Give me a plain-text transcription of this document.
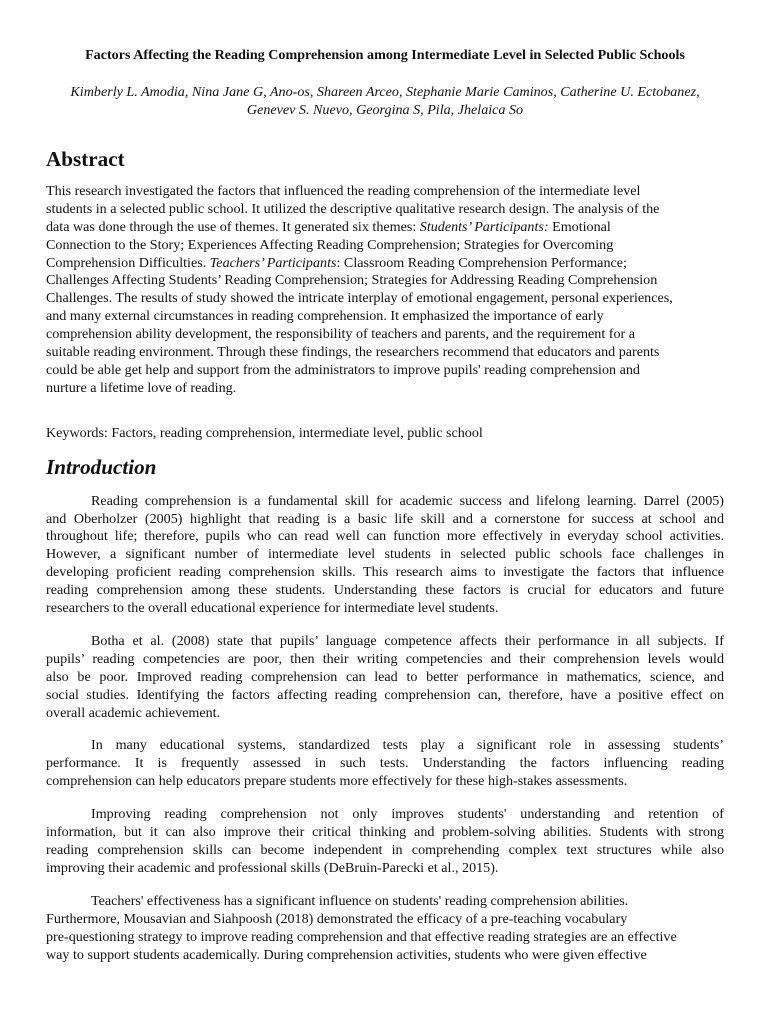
Factors Affecting the Reading Comprehension among Intermediate Level in Selected Public Schools
Kimberly L. Amodia, Nina Jane G, Ano-os, Shareen Arceo, Stephanie Marie Caminos, Catherine U. Ectobanez,
Genevev S. Nuevo, Georgina S, Pila, Jhelaica So
Abstract
This research investigated the factors that influenced the reading comprehension of the intermediate level
students in a selected public school. It utilized the descriptive qualitative research design. The analysis of the
data was done through the use of themes. It generated six themes: Students’ Participants: Emotional
Connection to the Story; Experiences Affecting Reading Comprehension; Strategies for Overcoming
Comprehension Difficulties. Teachers’ Participants: Classroom Reading Comprehension Performance;
Challenges Affecting Students’ Reading Comprehension; Strategies for Addressing Reading Comprehension
Challenges. The results of study showed the intricate interplay of emotional engagement, personal experiences,
and many external circumstances in reading comprehension. It emphasized the importance of early
comprehension ability development, the responsibility of teachers and parents, and the requirement for a
suitable reading environment. Through these findings, the researchers recommend that educators and parents
could be able get help and support from the administrators to improve pupils' reading comprehension and
nurture a lifetime love of reading.

Keywords: Factors, reading comprehension, intermediate level, public school

Introduction
Reading comprehension is a fundamental skill for academic success and lifelong learning. Darrel (2005)
and Oberholzer (2005) highlight that reading is a basic life skill and a cornerstone for success at school and
throughout life; therefore, pupils who can read well can function more effectively in everyday school activities.
However, a significant number of intermediate level students in selected public schools face challenges in
developing proficient reading comprehension skills. This research aims to investigate the factors that influence
reading comprehension among these students. Understanding these factors is crucial for educators and future
researchers to the overall educational experience for intermediate level students.
Botha et al. (2008) state that pupils’ language competence affects their performance in all subjects. If
pupils’ reading competencies are poor, then their writing competencies and their comprehension levels would
also be poor. Improved reading comprehension can lead to better performance in mathematics, science, and
social studies. Identifying the factors affecting reading comprehension can, therefore, have a positive effect on
overall academic achievement.
In many educational systems, standardized tests play a significant role in assessing students’
performance. It is frequently assessed in such tests. Understanding the factors influencing reading
comprehension can help educators prepare students more effectively for these high-stakes assessments.
Improving reading comprehension not only improves students' understanding and retention of
information, but it can also improve their critical thinking and problem-solving abilities. Students with strong
reading comprehension skills can become independent in comprehending complex text structures while also
improving their academic and professional skills (DeBruin-Parecki et al., 2015).
Teachers' effectiveness has a significant influence on students' reading comprehension abilities.
Furthermore, Mousavian and Siahpoosh (2018) demonstrated the efficacy of a pre-teaching vocabulary
pre-questioning strategy to improve reading comprehension and that effective reading strategies are an effective
way to support students academically. During comprehension activities, students who were given effective
